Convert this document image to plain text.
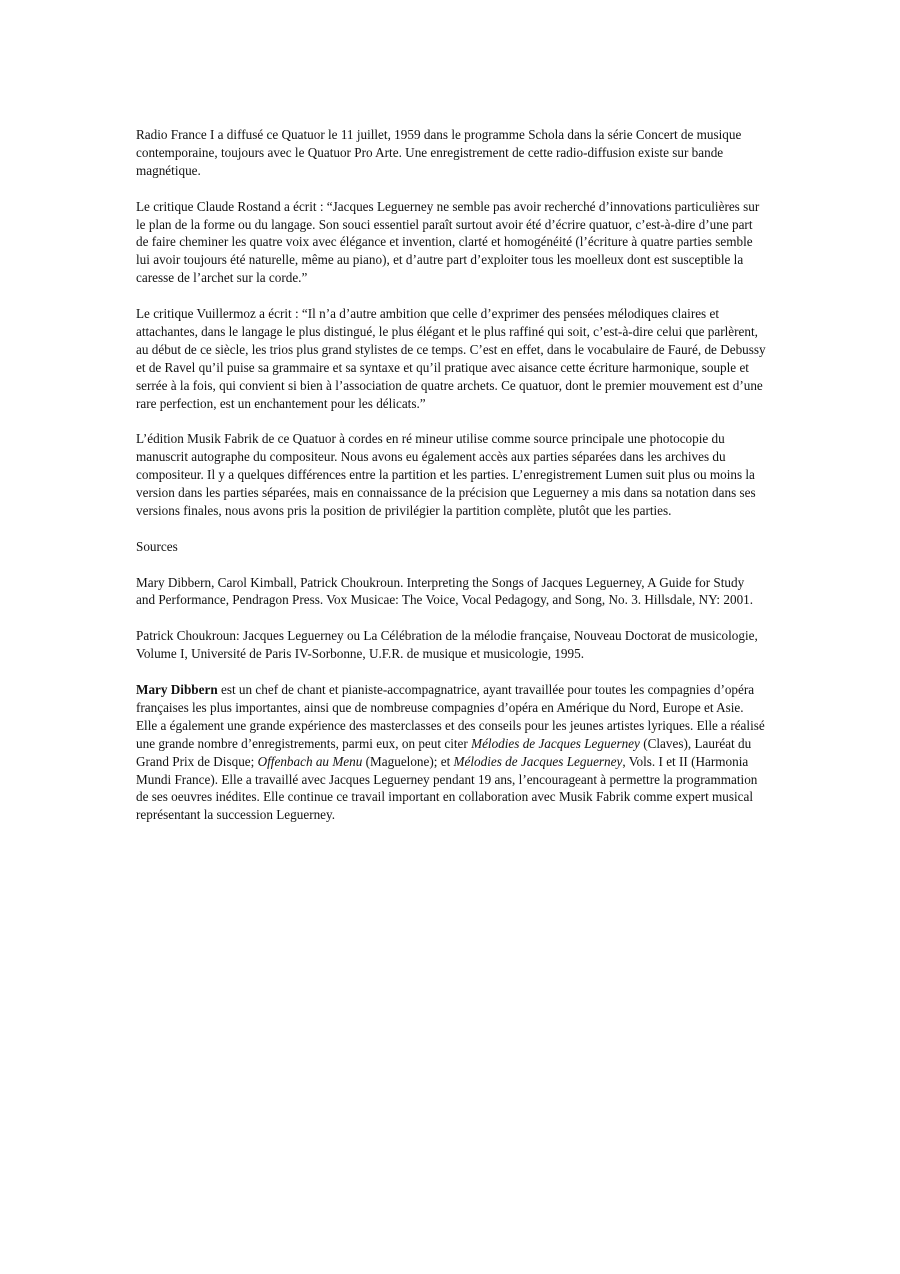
Radio France I a diffusé ce Quatuor le 11 juillet, 1959 dans le programme Schola dans la série Concert de musique contemporaine, toujours avec le Quatuor Pro Arte. Une enregistrement de cette radio-diffusion existe sur bande magnétique.

Le critique Claude Rostand a écrit : “Jacques Leguerney ne semble pas avoir recherché d’innovations particulières sur le plan de la forme ou du langage. Son souci essentiel paraît surtout avoir été d’écrire quatuor, c’est-à-dire d’une part de faire cheminer les quatre voix avec élégance et invention, clarté et homogénéité (l’écriture à quatre parties semble lui avoir toujours été naturelle, même au piano), et d’autre part d’exploiter tous les moelleux dont est susceptible la caresse de l’archet sur la corde.”

Le critique Vuillermoz a écrit : “Il n’a d’autre ambition que celle d’exprimer des pensées mélodiques claires et attachantes, dans le langage le plus distingué, le plus élégant et le plus raffiné qui soit, c’est-à-dire celui que parlèrent, au début de ce siècle, les trios plus grand stylistes de ce temps. C’est en effet, dans le vocabulaire de Fauré, de Debussy et de Ravel qu’il puise sa grammaire et sa syntaxe et qu’il pratique avec aisance cette écriture harmonique, souple et serrée à la fois, qui convient si bien à l’association de quatre archets. Ce quatuor, dont le premier mouvement est d’une rare perfection, est un enchantement pour les délicats.”

L’édition Musik Fabrik de ce Quatuor à cordes en ré mineur utilise comme source principale une photocopie du manuscrit autographe du compositeur. Nous avons eu également accès aux parties séparées dans les archives du compositeur. Il y a quelques différences entre la partition et les parties. L’enregistrement Lumen suit plus ou moins la version dans les parties séparées, mais en connaissance de la précision que Leguerney a mis dans sa notation dans ses versions finales, nous avons pris la position de privilégier la partition complète, plutôt que les parties.

Sources

Mary Dibbern, Carol Kimball, Patrick Choukroun. Interpreting the Songs of Jacques Leguerney, A Guide for Study and Performance, Pendragon Press. Vox Musicae: The Voice, Vocal Pedagogy, and Song, No. 3. Hillsdale, NY: 2001.

Patrick Choukroun: Jacques Leguerney ou La Célébration de la mélodie française, Nouveau Doctorat de musicologie, Volume I, Université de Paris IV-Sorbonne, U.F.R. de musique et musicologie, 1995.

Mary Dibbern est un chef de chant et pianiste-accompagnatrice, ayant travaillée pour toutes les compagnies d’opéra françaises les plus importantes, ainsi que de nombreuse compagnies d’opéra en Amérique du Nord, Europe et Asie. Elle a également une grande expérience des masterclasses et des conseils pour les jeunes artistes lyriques. Elle a réalisé une grande nombre d’enregistrements, parmi eux, on peut citer Mélodies de Jacques Leguerney (Claves), Lauréat du Grand Prix de Disque; Offenbach au Menu (Maguelone); et Mélodies de Jacques Leguerney, Vols. I et II (Harmonia Mundi France). Elle a travaillé avec Jacques Leguerney pendant 19 ans, l’encourageant à permettre la programmation de ses oeuvres inédites. Elle continue ce travail important en collaboration avec Musik Fabrik comme expert musical représentant la succession Leguerney.
